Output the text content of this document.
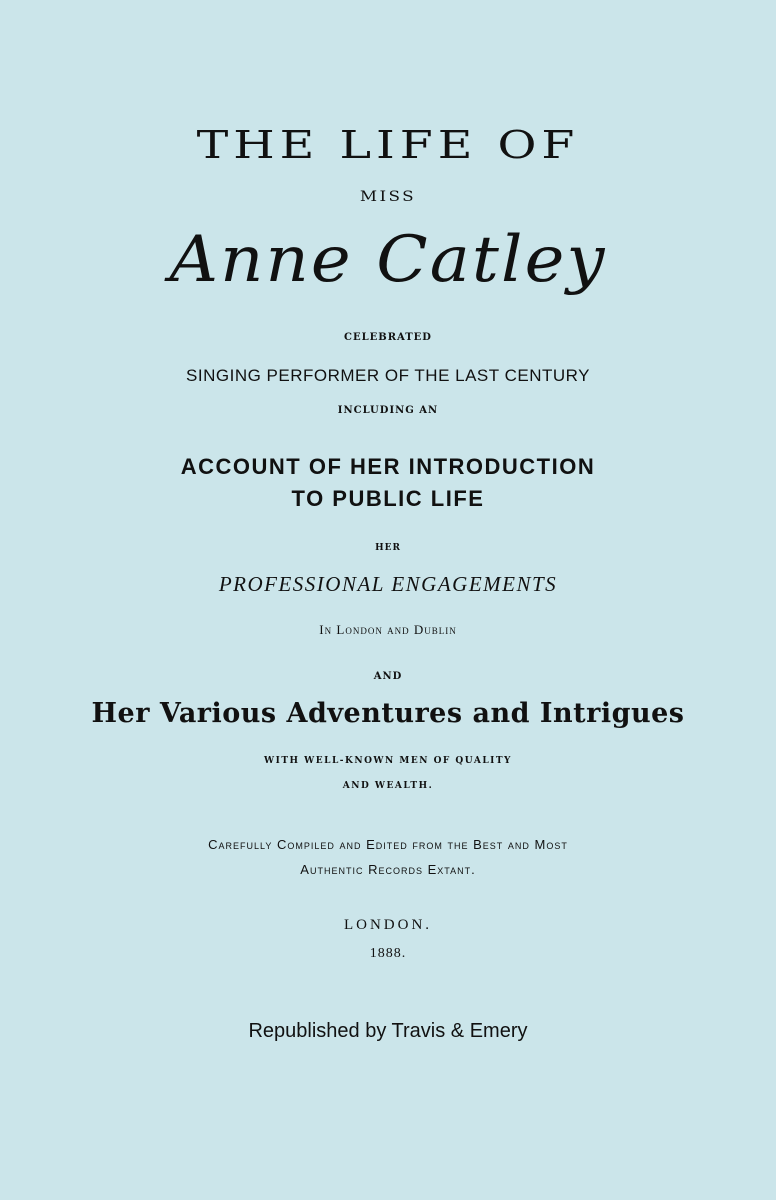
THE LIFE OF
MISS
Anne Catley
CELEBRATED
SINGING PERFORMER OF THE LAST CENTURY
INCLUDING AN
ACCOUNT OF HER INTRODUCTION
TO PUBLIC LIFE
HER
PROFESSIONAL ENGAGEMENTS
In London and Dublin
AND
Her Various Adventures and Intrigues
WITH WELL-KNOWN MEN OF QUALITY
AND WEALTH.
Carefully Compiled and Edited from the Best and Most
Authentic Records Extant.
LONDON.
1888.
Republished by Travis & Emery
